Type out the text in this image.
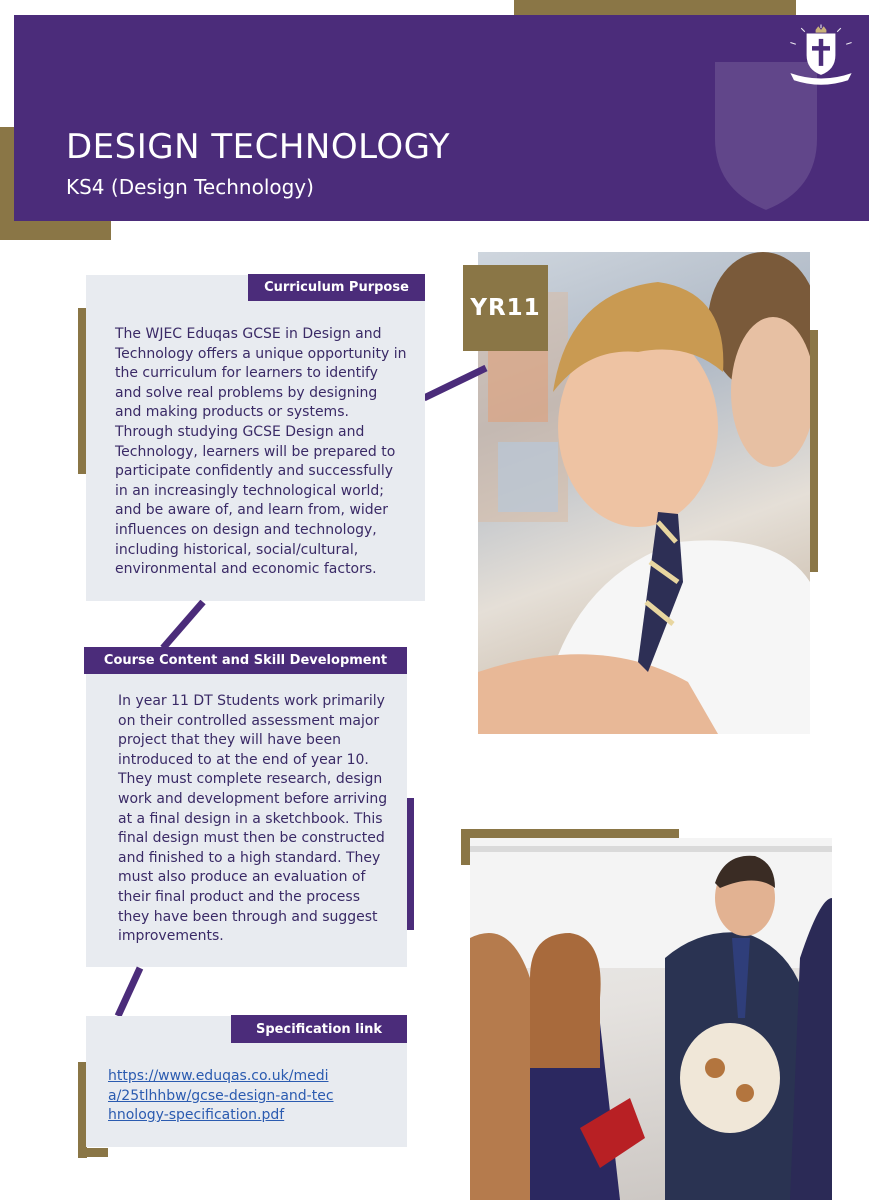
DESIGN TECHNOLOGY
KS4 (Design Technology)
YR11
Curriculum Purpose
The WJEC Eduqas GCSE in Design and Technology offers a unique opportunity in the curriculum for learners to identify and solve real problems by designing and making products or systems. Through studying GCSE Design and Technology, learners will be prepared to participate confidently and successfully in an increasingly technological world; and be aware of, and learn from, wider influences on design and technology, including historical, social/cultural, environmental and economic factors.
Course Content and Skill Development
In year 11 DT Students work primarily on their controlled assessment major project that they will have been introduced to at the end of year 10. They must complete research, design work and development before arriving at a final design in a sketchbook. This final design must then be constructed and finished to a high standard. They must also produce an evaluation of their final product and the process they have been through and suggest improvements.
Specification link
https://www.eduqas.co.uk/media/25tlhhbw/gcse-design-and-technology-specification.pdf
